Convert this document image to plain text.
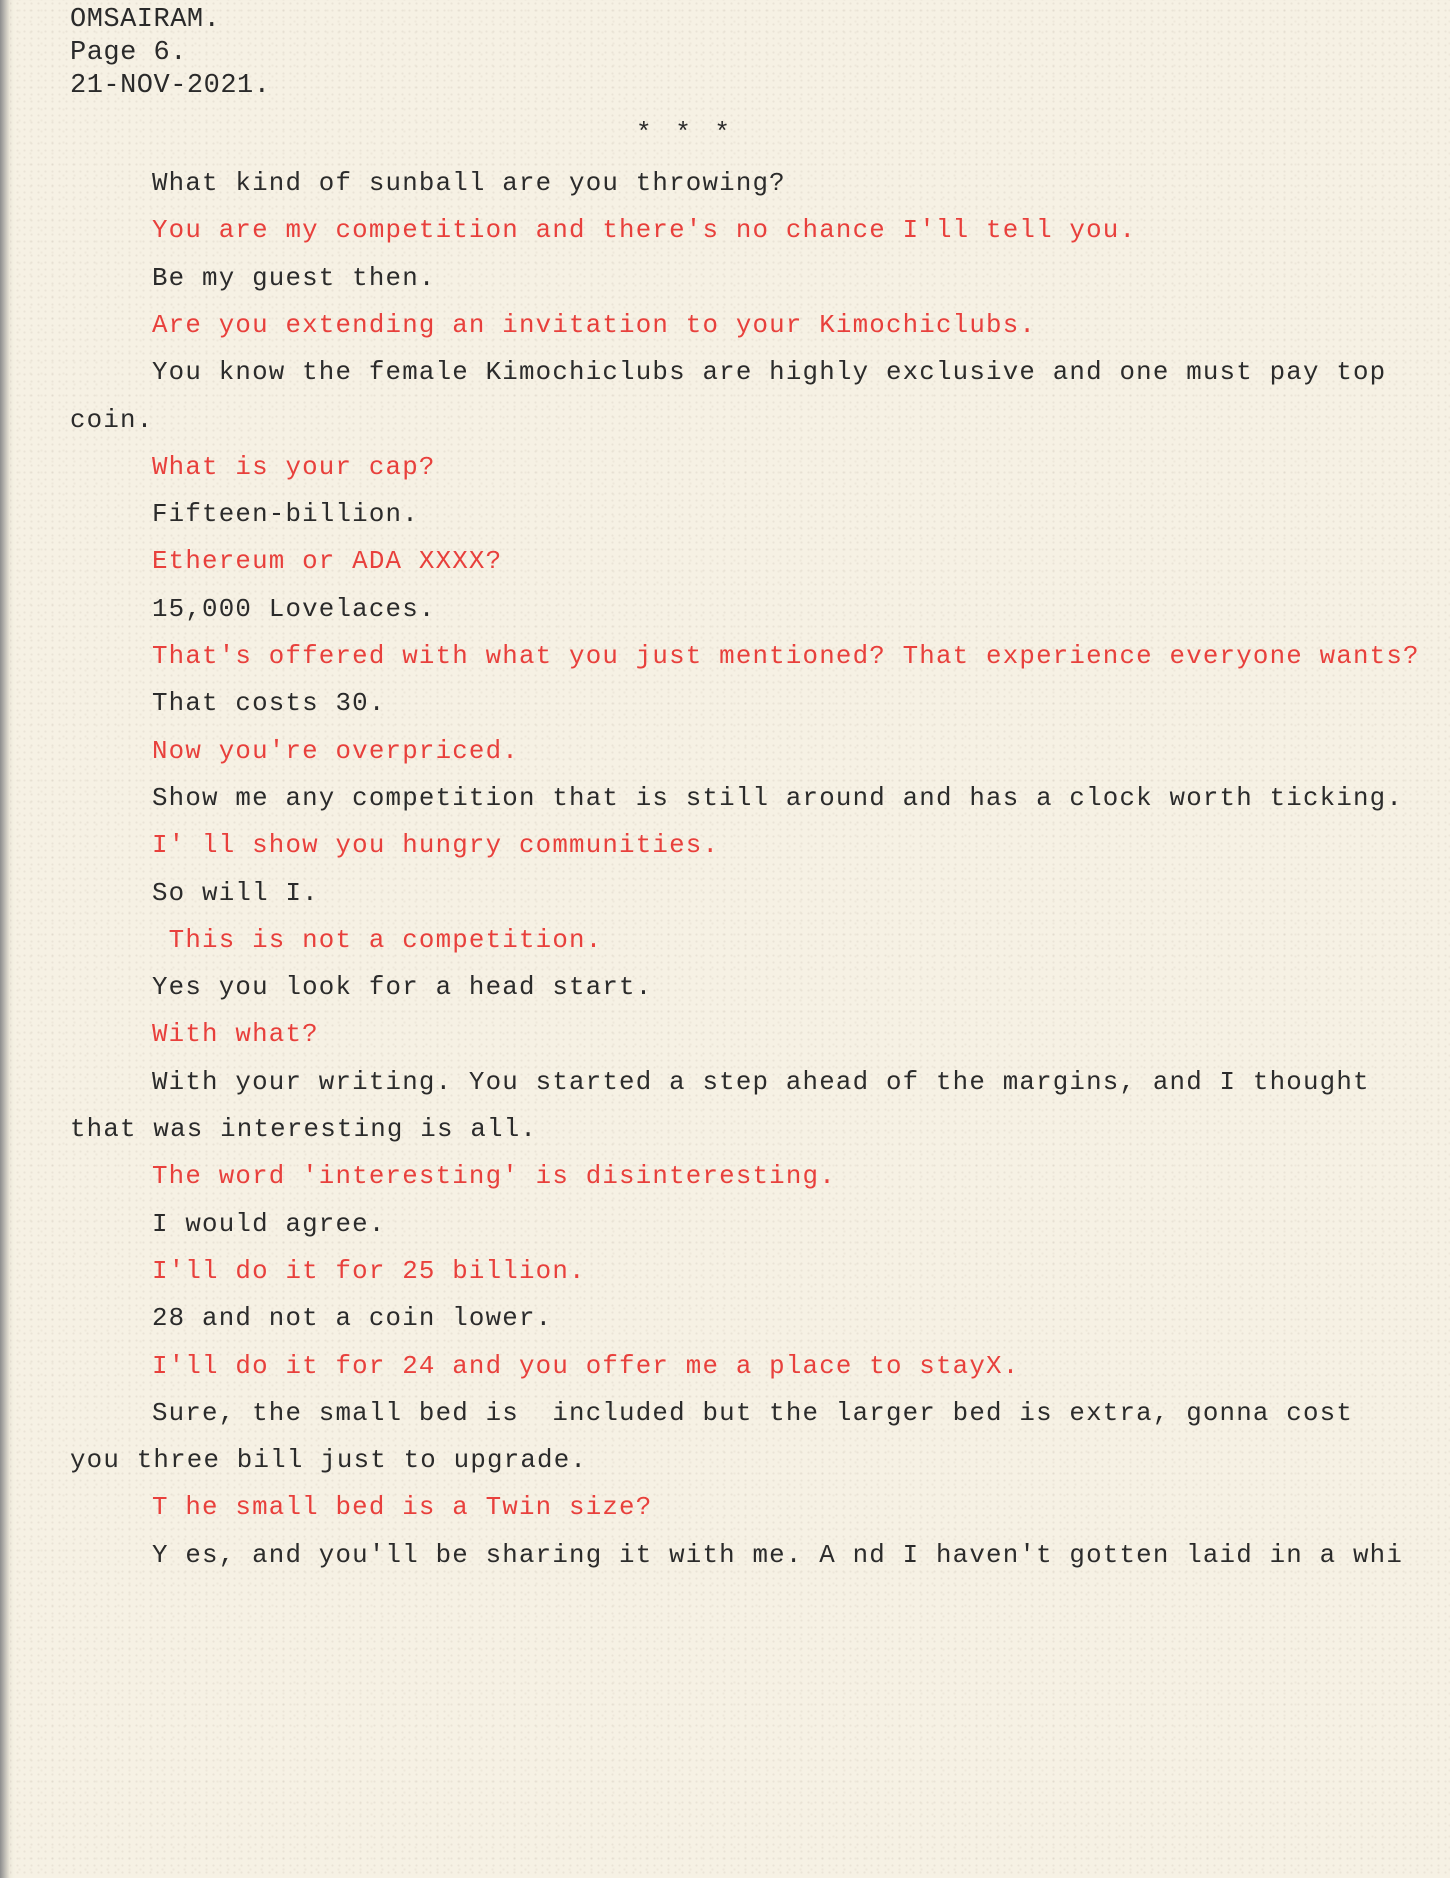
OMSAIRAM.
Page 6.
21-NOV-2021.
* * *
What kind of sunball are you throwing?
You are my competition and there's no chance I'll tell you.
Be my guest then.
Are you extending an invitation to your Kimochiclubs.
You know the female Kimochiclubs are highly exclusive and one must pay top
coin.
What is your cap?
Fifteen-billion.
Ethereum or ADA XXXX?
15,000 Lovelaces.
That's offered with what you just mentioned? That experience everyone wants?
That costs 30.
Now you're overpriced.
Show me any competition that is still around and has a clock worth ticking.
I' ll show you hungry communities.
So will I.
This is not a competition.
Yes you look for a head start.
With what?
With your writing. You started a step ahead of the margins, and I thought
that was interesting is all.
The word 'interesting' is disinteresting.
I would agree.
I'll do it for 25 billion.
28 and not a coin lower.
I'll do it for 24 and you offer me a place to stayX.
Sure, the small bed is  included but the larger bed is extra, gonna cost
you three bill just to upgrade.
T he small bed is a Twin size?
Y es, and you'll be sharing it with me. A nd I haven't gotten laid in a whi
